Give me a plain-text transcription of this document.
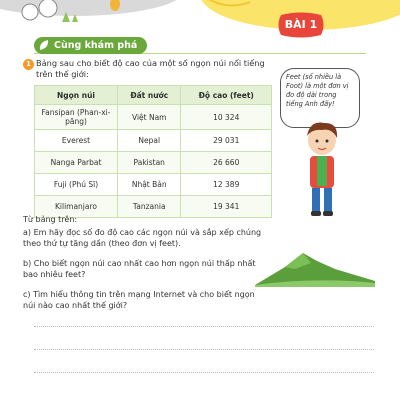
BÀI 1
Cùng khám phá
1 Bảng sau cho biết độ cao của một số ngọn núi nổi tiếng trên thế giới:
Ngọn núi	Đất nước	Độ cao (feet)
Fansipan (Phan-xi-păng)	Việt Nam	10 324
Everest	Nepal	29 031
Nanga Parbat	Pakistan	26 660
Fuji (Phú Sĩ)	Nhật Bản	12 389
Kilimanjaro	Tanzania	19 341
Feet (số nhiều là Foot) là một đơn vị đo độ dài trong tiếng Anh đấy!
Từ bảng trên:
a) Em hãy đọc số đo độ cao các ngọn núi và sắp xếp chúng theo thứ tự tăng dần (theo đơn vị feet).
b) Cho biết ngọn núi cao nhất cao hơn ngọn núi thấp nhất bao nhiêu feet?
c) Tìm hiểu thông tin trên mạng Internet và cho biết ngọn núi nào cao nhất thế giới?
